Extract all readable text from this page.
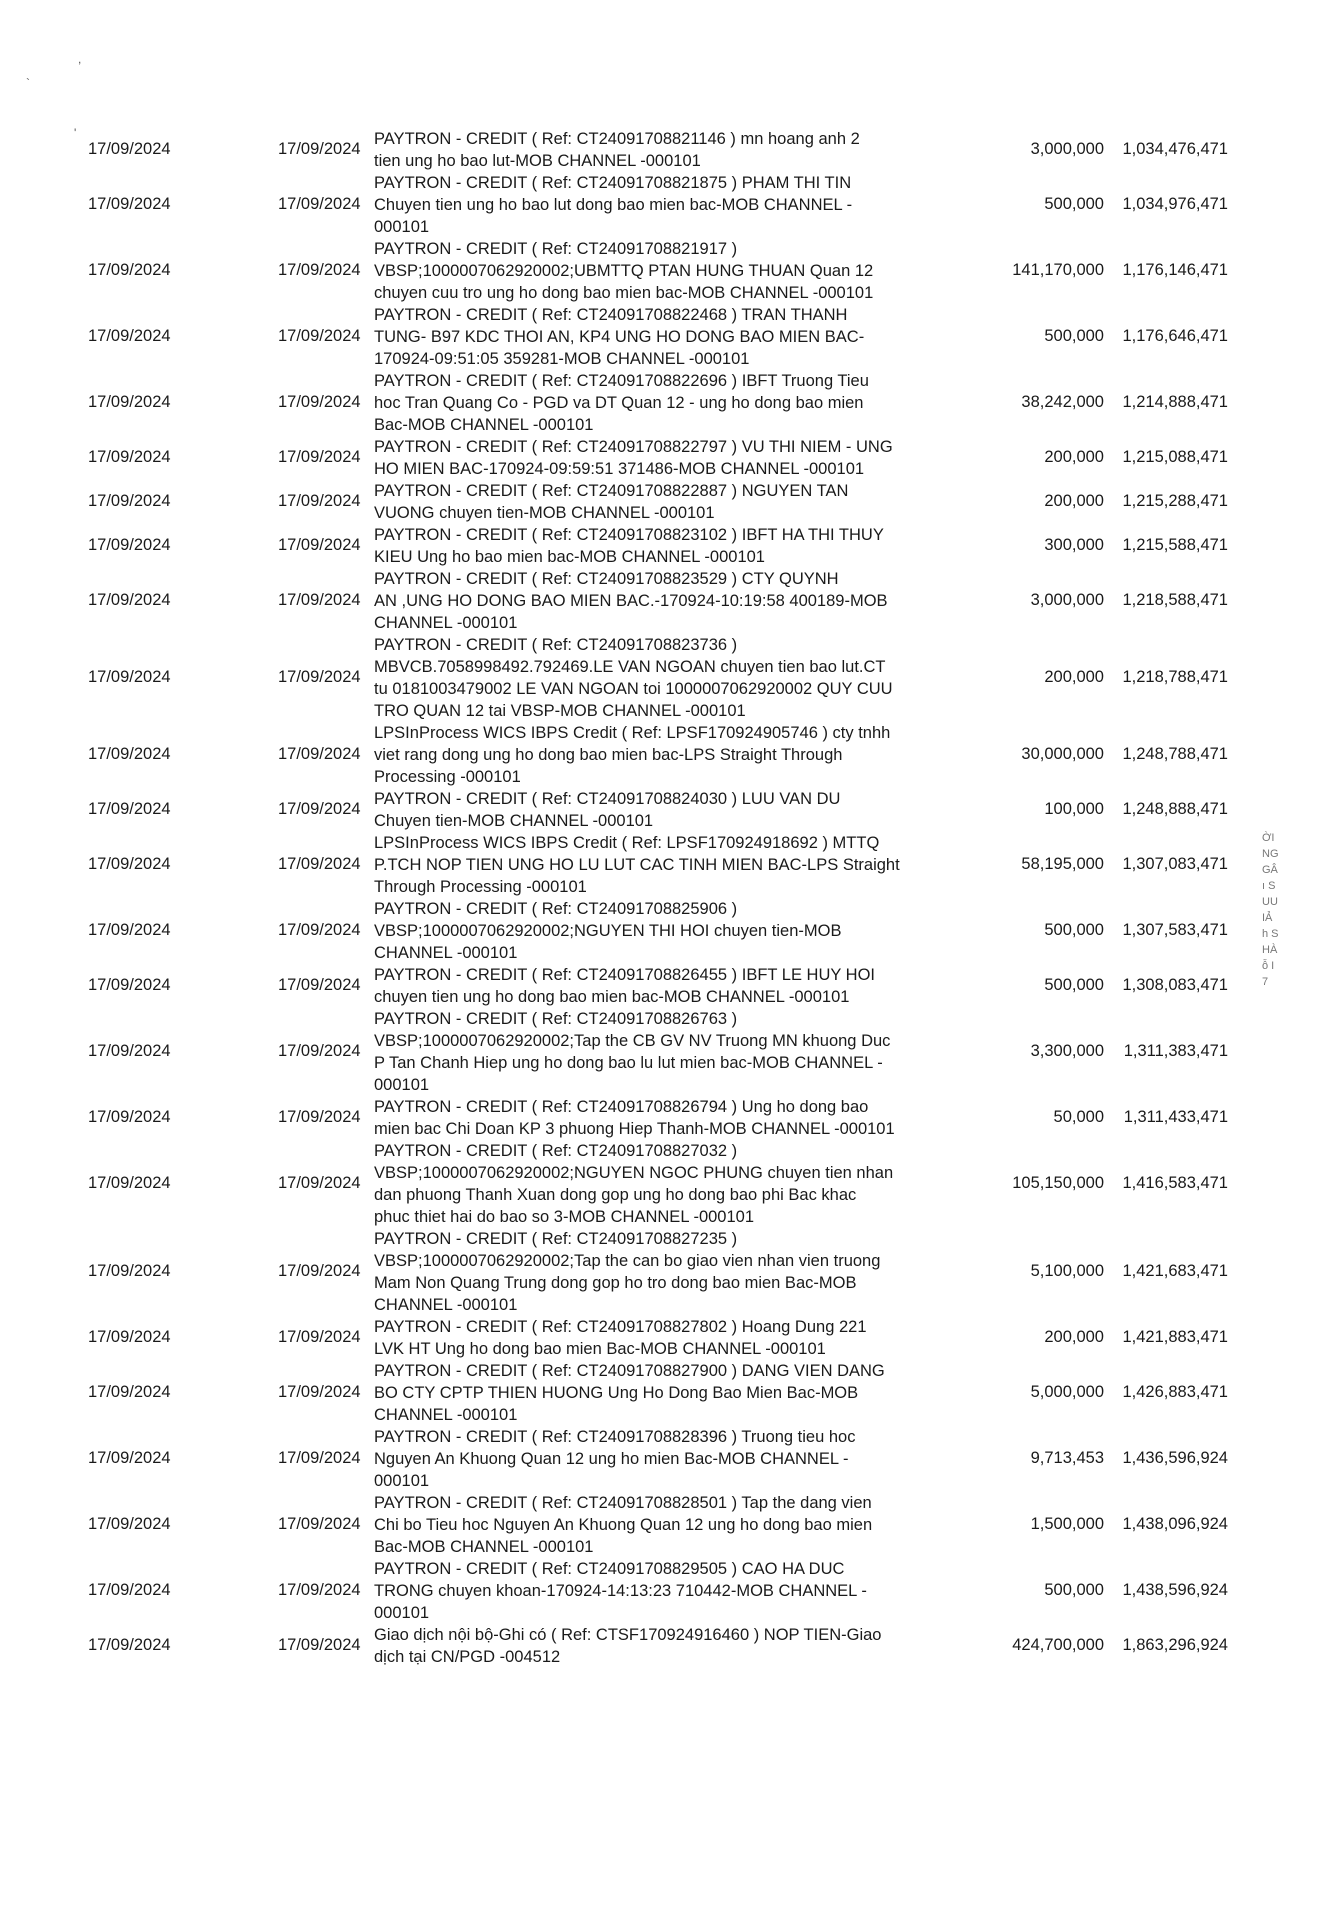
,
`
'
17/09/2024	17/09/2024
PAYTRON - CREDIT ( Ref: CT24091708821146 ) mn hoang anh 2
tien ung ho bao lut-MOB CHANNEL -000101
3,000,000 1,034,476,471
17/09/2024	17/09/2024
PAYTRON - CREDIT ( Ref: CT24091708821875 ) PHAM THI TIN
Chuyen tien ung ho bao lut dong bao mien bac-MOB CHANNEL -
000101
500,000 1,034,976,471
17/09/2024	17/09/2024
PAYTRON - CREDIT ( Ref: CT24091708821917 )
VBSP;1000007062920002;UBMTTQ PTAN HUNG THUAN Quan 12
chuyen cuu tro ung ho dong bao mien bac-MOB CHANNEL -000101
141,170,000 1,176,146,471
17/09/2024	17/09/2024
PAYTRON - CREDIT ( Ref: CT24091708822468 ) TRAN THANH
TUNG- B97 KDC THOI AN, KP4 UNG HO DONG BAO MIEN BAC-
170924-09:51:05 359281-MOB CHANNEL -000101
500,000 1,176,646,471
17/09/2024	17/09/2024
PAYTRON - CREDIT ( Ref: CT24091708822696 ) IBFT Truong Tieu
hoc Tran Quang Co - PGD va DT Quan 12 - ung ho dong bao mien
Bac-MOB CHANNEL -000101
38,242,000 1,214,888,471
17/09/2024	17/09/2024
PAYTRON - CREDIT ( Ref: CT24091708822797 ) VU THI NIEM - UNG
HO MIEN BAC-170924-09:59:51 371486-MOB CHANNEL -000101
200,000 1,215,088,471
17/09/2024	17/09/2024
PAYTRON - CREDIT ( Ref: CT24091708822887 ) NGUYEN TAN
VUONG chuyen tien-MOB CHANNEL -000101
200,000 1,215,288,471
17/09/2024	17/09/2024
PAYTRON - CREDIT ( Ref: CT24091708823102 ) IBFT HA THI THUY
KIEU Ung ho bao mien bac-MOB CHANNEL -000101
300,000 1,215,588,471
17/09/2024	17/09/2024
PAYTRON - CREDIT ( Ref: CT24091708823529 ) CTY QUYNH
AN ,UNG HO DONG BAO MIEN BAC.-170924-10:19:58 400189-MOB
CHANNEL -000101
3,000,000 1,218,588,471
17/09/2024	17/09/2024
PAYTRON - CREDIT ( Ref: CT24091708823736 )
MBVCB.7058998492.792469.LE VAN NGOAN chuyen tien bao lut.CT
tu 0181003479002 LE VAN NGOAN toi 1000007062920002 QUY CUU
TRO QUAN 12 tai VBSP-MOB CHANNEL -000101
200,000 1,218,788,471
17/09/2024	17/09/2024
LPSInProcess WICS IBPS Credit ( Ref: LPSF170924905746 ) cty tnhh
viet rang dong ung ho dong bao mien bac-LPS Straight Through
Processing -000101
30,000,000 1,248,788,471
17/09/2024	17/09/2024
PAYTRON - CREDIT ( Ref: CT24091708824030 ) LUU VAN DU
Chuyen tien-MOB CHANNEL -000101
100,000 1,248,888,471
17/09/2024	17/09/2024
LPSInProcess WICS IBPS Credit ( Ref: LPSF170924918692 ) MTTQ
P.TCH NOP TIEN UNG HO LU LUT CAC TINH MIEN BAC-LPS Straight
Through Processing -000101
58,195,000 1,307,083,471
17/09/2024	17/09/2024
PAYTRON - CREDIT ( Ref: CT24091708825906 )
VBSP;1000007062920002;NGUYEN THI HOI chuyen tien-MOB
CHANNEL -000101
500,000 1,307,583,471
17/09/2024	17/09/2024
PAYTRON - CREDIT ( Ref: CT24091708826455 ) IBFT LE HUY HOI
chuyen tien ung ho dong bao mien bac-MOB CHANNEL -000101
500,000 1,308,083,471
17/09/2024	17/09/2024
PAYTRON - CREDIT ( Ref: CT24091708826763 )
VBSP;1000007062920002;Tap the CB GV NV Truong MN khuong Duc
P Tan Chanh Hiep ung ho dong bao lu lut mien bac-MOB CHANNEL -
000101
3,300,000 1,311,383,471
17/09/2024	17/09/2024
PAYTRON - CREDIT ( Ref: CT24091708826794 ) Ung ho dong bao
mien bac Chi Doan KP 3 phuong Hiep Thanh-MOB CHANNEL -000101
50,000 1,311,433,471
17/09/2024	17/09/2024
PAYTRON - CREDIT ( Ref: CT24091708827032 )
VBSP;1000007062920002;NGUYEN NGOC PHUNG chuyen tien nhan
dan phuong Thanh Xuan dong gop ung ho dong bao phi Bac khac
phuc thiet hai do bao so 3-MOB CHANNEL -000101
105,150,000 1,416,583,471
17/09/2024	17/09/2024
PAYTRON - CREDIT ( Ref: CT24091708827235 )
VBSP;1000007062920002;Tap the can bo giao vien nhan vien truong
Mam Non Quang Trung dong gop ho tro dong bao mien Bac-MOB
CHANNEL -000101
5,100,000 1,421,683,471
17/09/2024	17/09/2024
PAYTRON - CREDIT ( Ref: CT24091708827802 ) Hoang Dung 221
LVK HT Ung ho dong bao mien Bac-MOB CHANNEL -000101
200,000 1,421,883,471
17/09/2024	17/09/2024
PAYTRON - CREDIT ( Ref: CT24091708827900 ) DANG VIEN DANG
BO CTY CPTP THIEN HUONG Ung Ho Dong Bao Mien Bac-MOB
CHANNEL -000101
5,000,000 1,426,883,471
17/09/2024	17/09/2024
PAYTRON - CREDIT ( Ref: CT24091708828396 ) Truong tieu hoc
Nguyen An Khuong Quan 12 ung ho mien Bac-MOB CHANNEL -
000101
9,713,453 1,436,596,924
17/09/2024	17/09/2024
PAYTRON - CREDIT ( Ref: CT24091708828501 ) Tap the dang vien
Chi bo Tieu hoc Nguyen An Khuong Quan 12 ung ho dong bao mien
Bac-MOB CHANNEL -000101
1,500,000 1,438,096,924
17/09/2024	17/09/2024
PAYTRON - CREDIT ( Ref: CT24091708829505 ) CAO HA DUC
TRONG chuyen khoan-170924-14:13:23 710442-MOB CHANNEL -
000101
500,000 1,438,596,924
17/09/2024	17/09/2024
Giao dịch nội bộ-Ghi có ( Ref: CTSF170924916460 ) NOP TIEN-Giao
dịch tại CN/PGD -004512
424,700,000 1,863,296,924
ỜI
NG
GÂ
ı S
UU
IẢ
h S
HÀ
ỗ I
7
